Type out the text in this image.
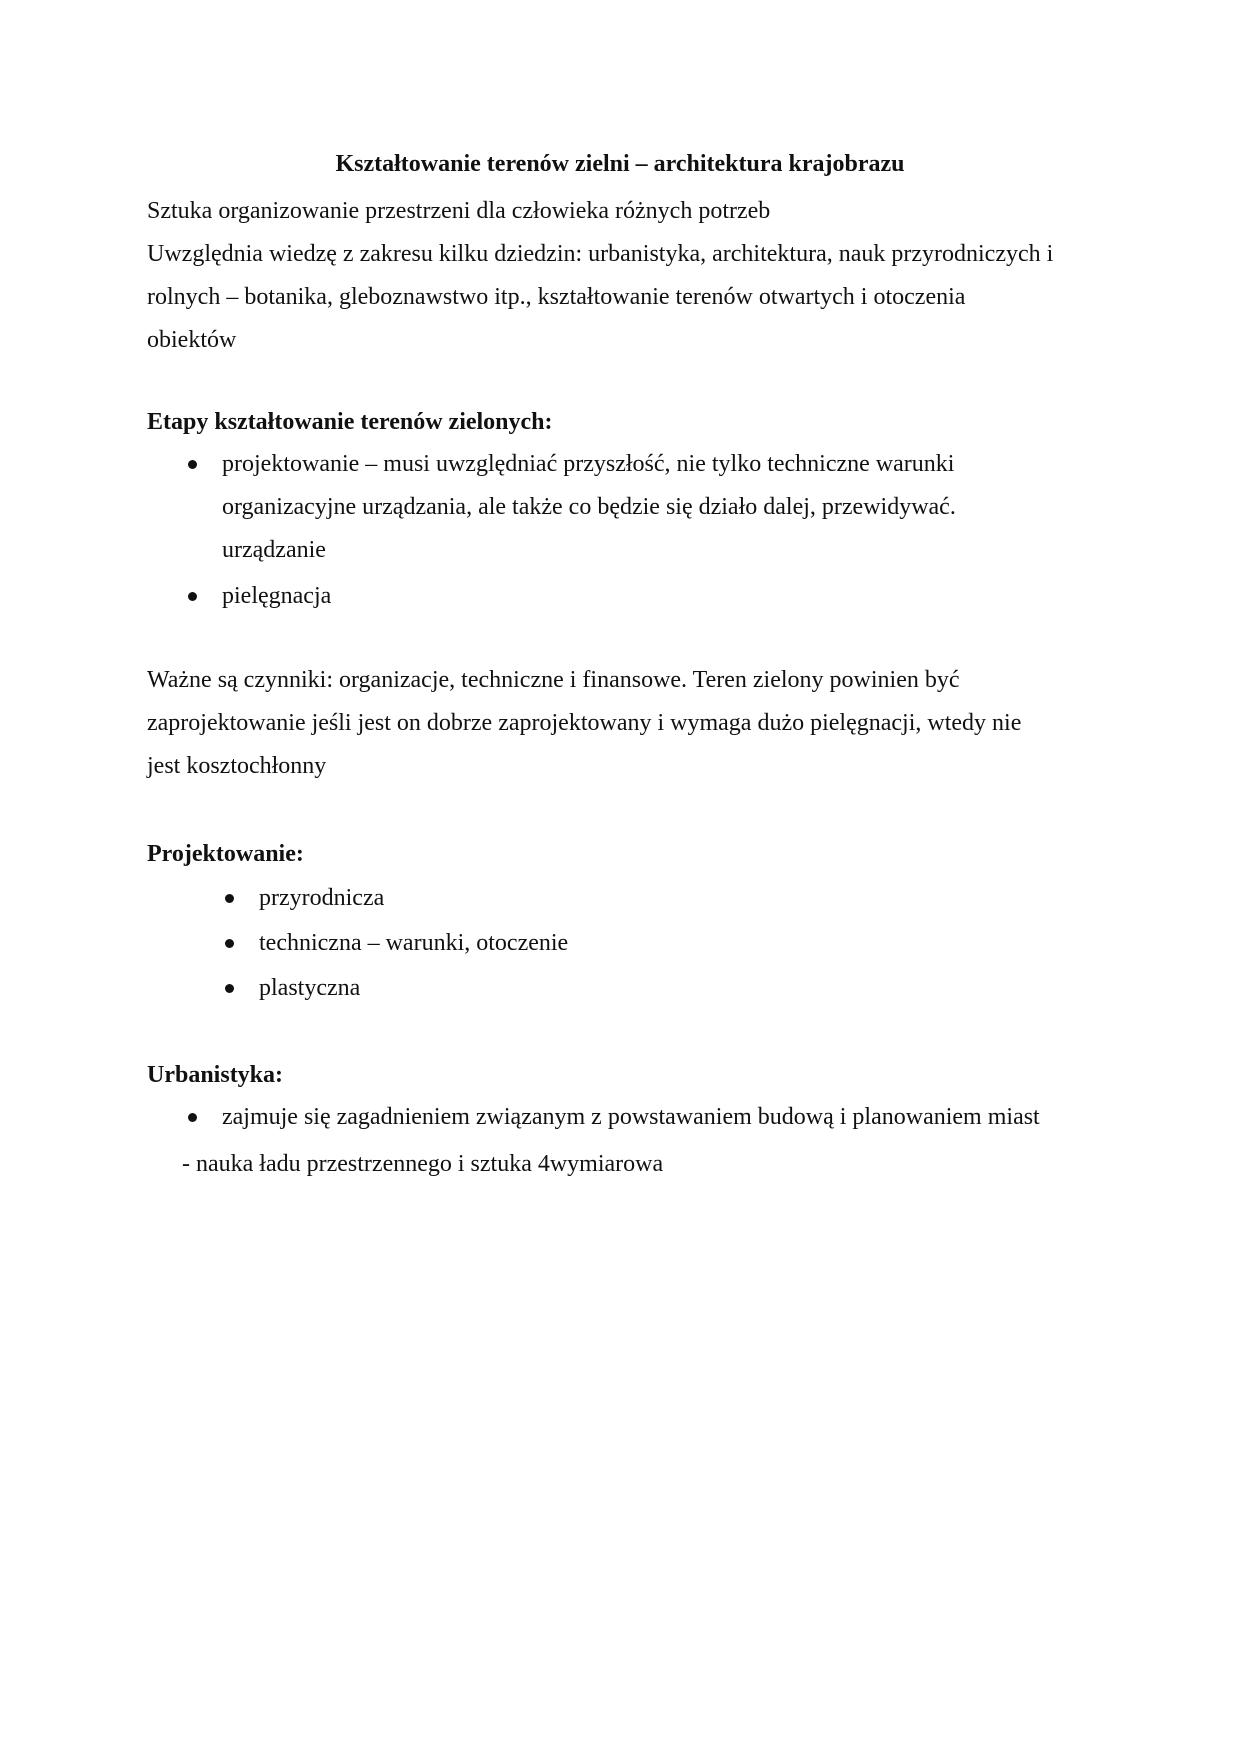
Kształtowanie terenów zielni – architektura krajobrazu
Sztuka organizowanie przestrzeni dla człowieka różnych potrzeb
Uwzględnia wiedzę z zakresu kilku dziedzin: urbanistyka, architektura, nauk przyrodniczych i
rolnych – botanika, gleboznawstwo itp., kształtowanie terenów otwartych i otoczenia
obiektów
Etapy kształtowanie terenów zielonych:
projektowanie – musi uwzględniać przyszłość, nie tylko techniczne warunki
organizacyjne urządzania, ale także co będzie się działo dalej, przewidywać.
urządzanie
pielęgnacja
Ważne są czynniki: organizacje, techniczne i finansowe. Teren zielony powinien być
zaprojektowanie jeśli jest on dobrze zaprojektowany i wymaga dużo pielęgnacji, wtedy nie
jest kosztochłonny
Projektowanie:
przyrodnicza
techniczna – warunki, otoczenie
plastyczna
Urbanistyka:
zajmuje się zagadnieniem związanym z powstawaniem budową i planowaniem miast
- nauka ładu przestrzennego i sztuka 4wymiarowa
